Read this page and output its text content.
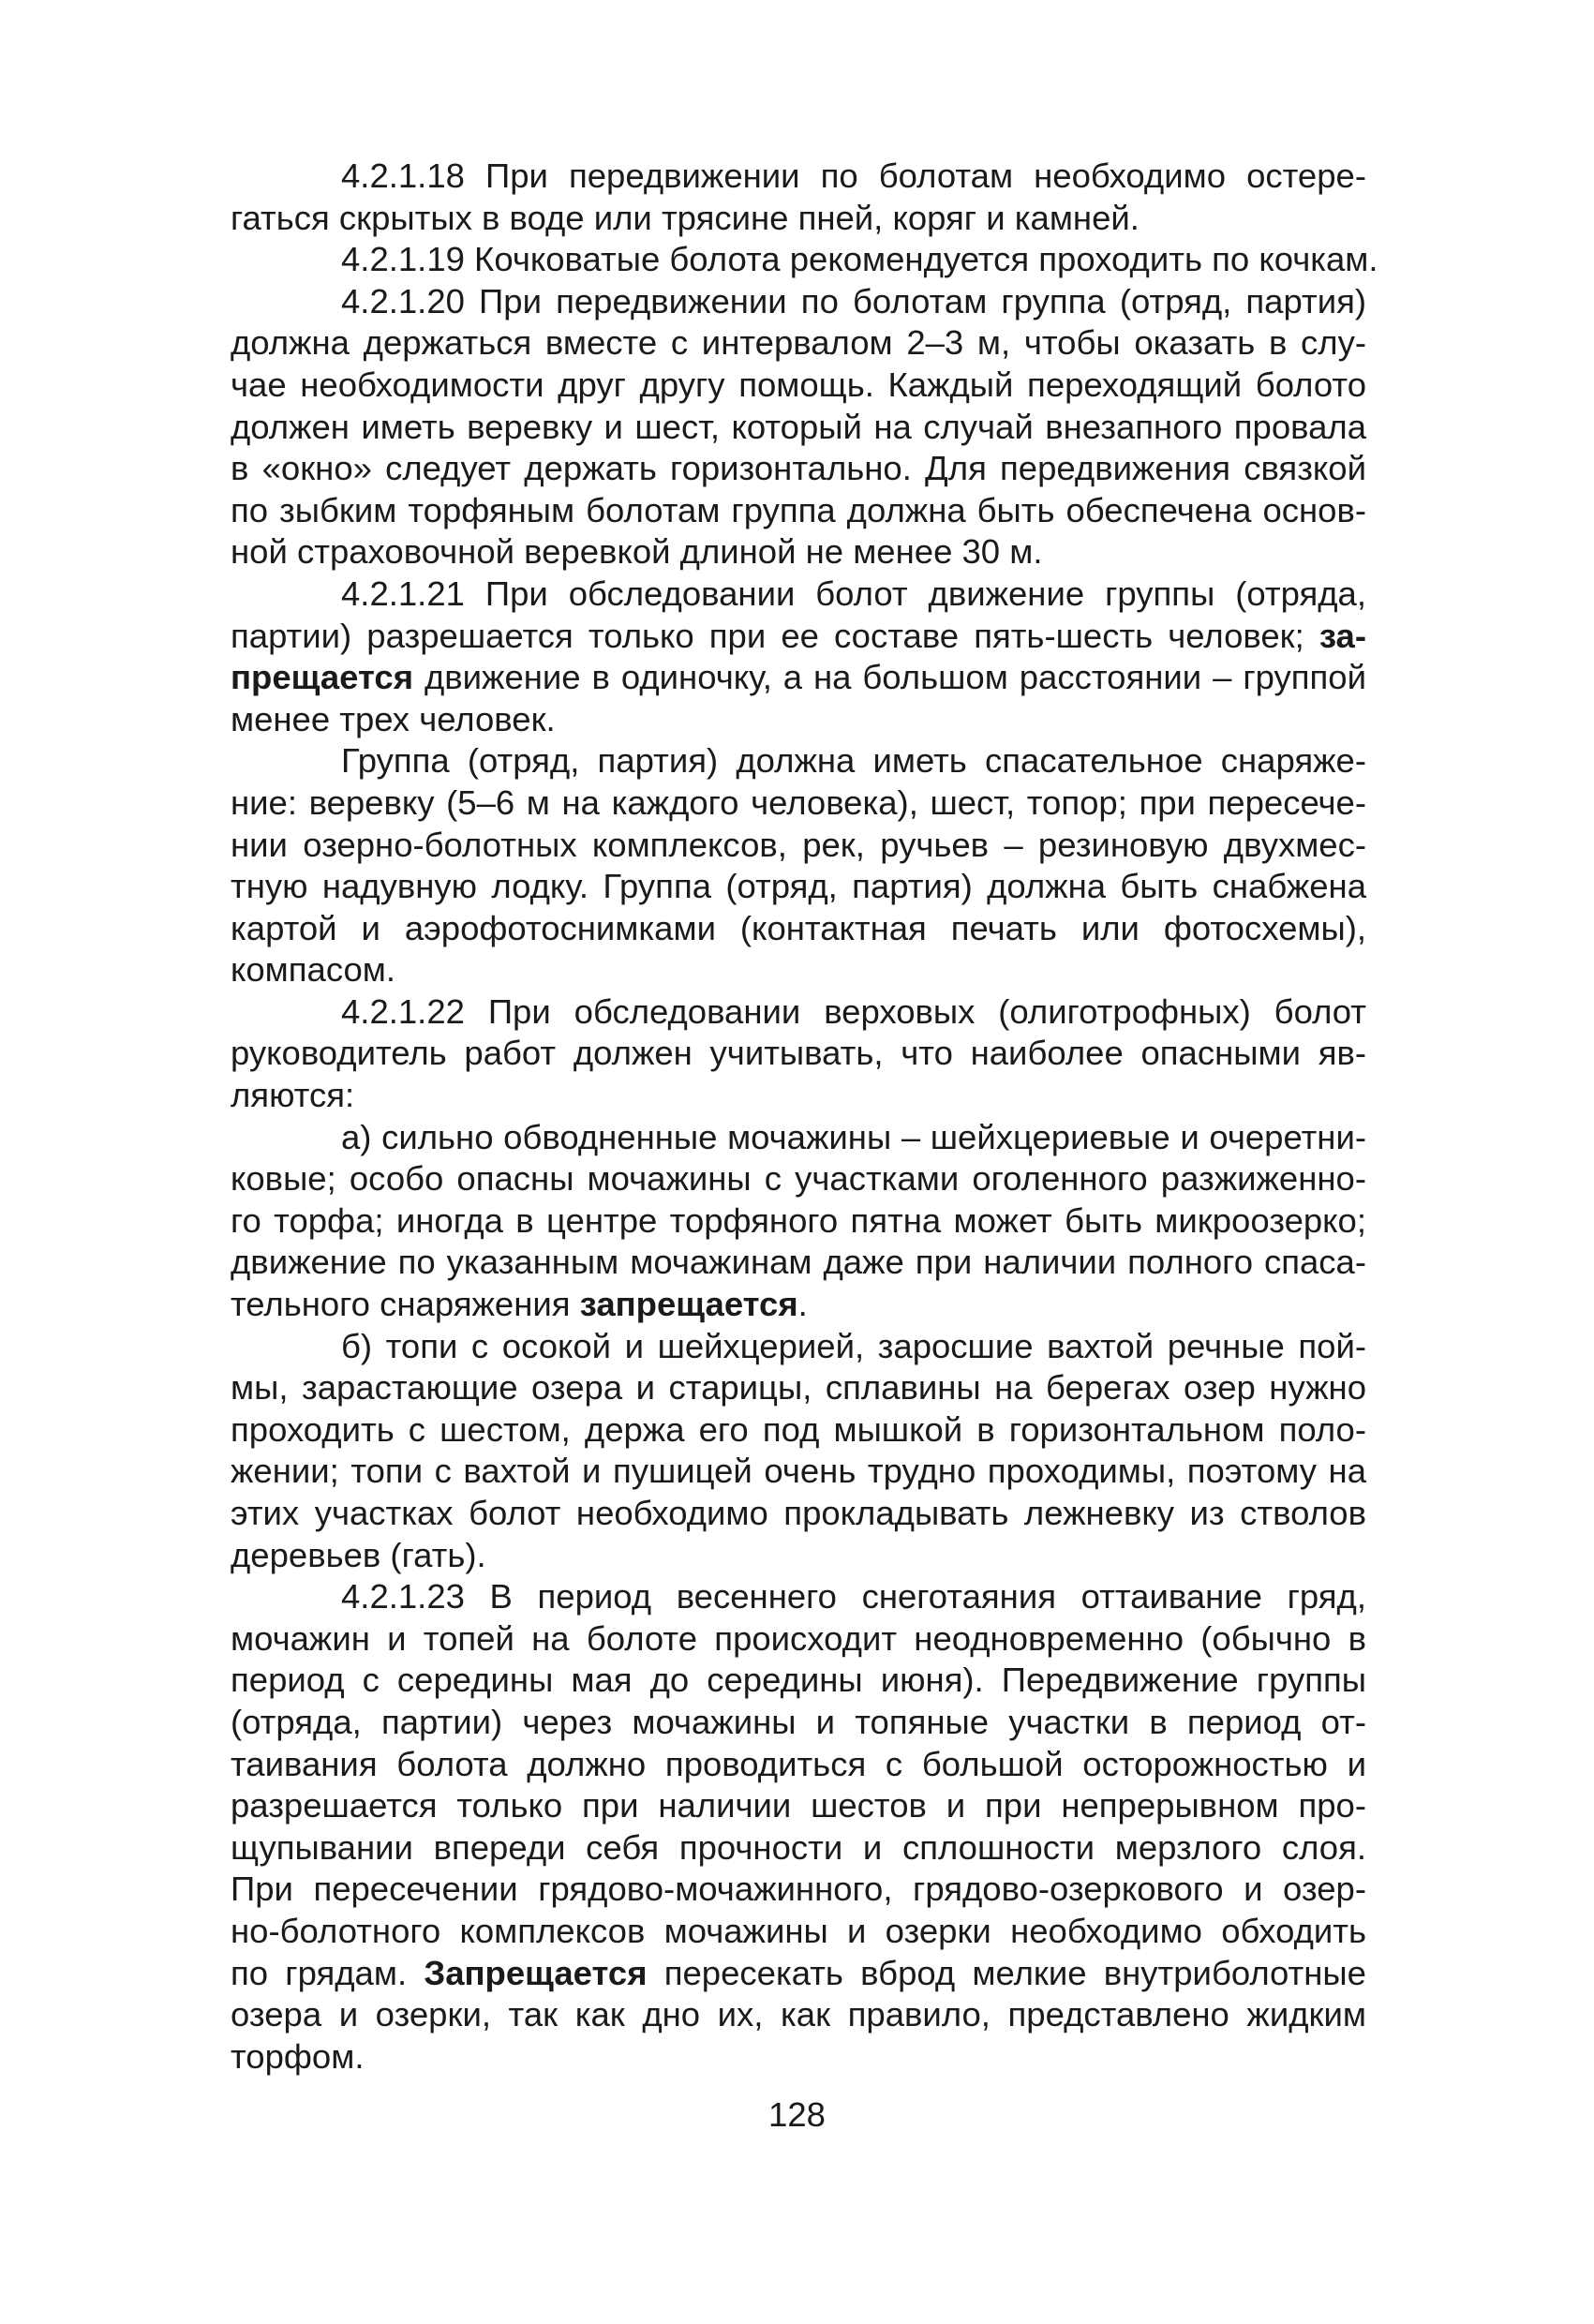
4.2.1.18 При передвижении по болотам необходимо остере-
гаться скрытых в воде или трясине пней, коряг и камней.
4.2.1.19 Кочковатые болота рекомендуется проходить по кочкам.
4.2.1.20 При передвижении по болотам группа (отряд, партия)
должна держаться вместе с интервалом 2–3 м, чтобы оказать в слу-
чае необходимости друг другу помощь. Каждый переходящий болото
должен иметь веревку и шест, который на случай внезапного провала
в «окно» следует держать горизонтально. Для передвижения связкой
по зыбким торфяным болотам группа должна быть обеспечена основ-
ной страховочной веревкой длиной не менее 30 м.
4.2.1.21 При обследовании болот движение группы (отряда,
партии) разрешается только при ее составе пять-шесть человек; за-
прещается движение в одиночку, а на большом расстоянии – группой
менее трех человек.
Группа (отряд, партия) должна иметь спасательное снаряже-
ние: веревку (5–6 м на каждого человека), шест, топор; при пересече-
нии озерно-болотных комплексов, рек, ручьев – резиновую двухмес-
тную надувную лодку. Группа (отряд, партия) должна быть снабжена
картой и аэрофотоснимками (контактная печать или фотосхемы),
компасом.
4.2.1.22 При обследовании верховых (олиготрофных) болот
руководитель работ должен учитывать, что наиболее опасными яв-
ляются:
а) сильно обводненные мочажины – шейхцериевые и очеретни-
ковые; особо опасны мочажины с участками оголенного разжиженно-
го торфа; иногда в центре торфяного пятна может быть микроозерко;
движение по указанным мочажинам даже при наличии полного спаса-
тельного снаряжения запрещается.
б) топи с осокой и шейхцерией, заросшие вахтой речные пой-
мы, зарастающие озера и старицы, сплавины на берегах озер нужно
проходить с шестом, держа его под мышкой в горизонтальном поло-
жении; топи с вахтой и пушицей очень трудно проходимы, поэтому на
этих участках болот необходимо прокладывать лежневку из стволов
деревьев (гать).
4.2.1.23 В период весеннего снеготаяния оттаивание гряд,
мочажин и топей на болоте происходит неодновременно (обычно в
период с середины мая до середины июня). Передвижение группы
(отряда, партии) через мочажины и топяные участки в период от-
таивания болота должно проводиться с большой осторожностью и
разрешается только при наличии шестов и при непрерывном про-
щупывании впереди себя прочности и сплошности мерзлого слоя.
При пересечении грядово-мочажинного, грядово-озеркового и озер-
но-болотного комплексов мочажины и озерки необходимо обходить
по грядам. Запрещается пересекать вброд мелкие внутриболотные
озера и озерки, так как дно их, как правило, представлено жидким
торфом.
128
